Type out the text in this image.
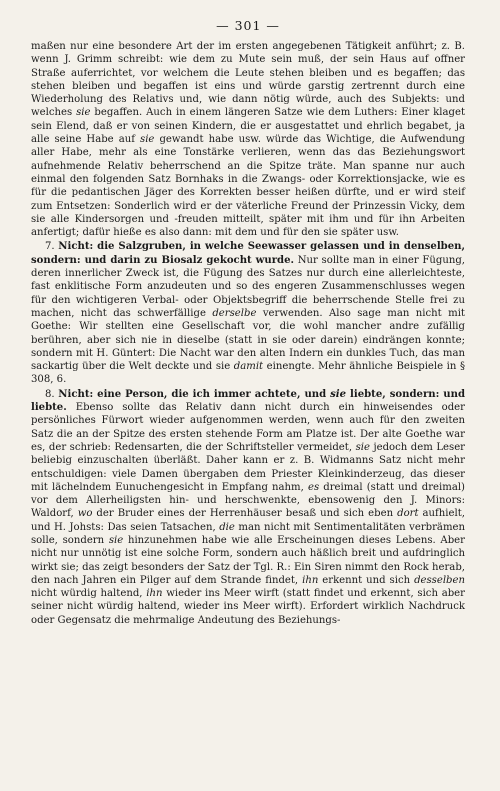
— 301 —

maßen nur eine besondere Art der im ersten angegebenen Tätigkeit anführt; z. B. wenn J. Grimm schreibt: wie dem zu Mute sein muß, der sein Haus auf offner Straße auferrichtet, vor welchem die Leute stehen bleiben und es begaffen; das stehen bleiben und begaffen ist eins und würde garstig zertrennt durch eine Wiederholung des Relativs und, wie dann nötig würde, auch des Subjekts: und welches sie begaffen. Auch in einem längeren Satze wie dem Luthers: Einer klaget sein Elend, daß er von seinen Kindern, die er ausgestattet und ehrlich begabet, ja alle seine Habe auf sie gewandt habe usw. würde das Wichtige, die Aufwendung aller Habe, mehr als eine Tonstärke verlieren, wenn das das Beziehungswort aufnehmende Relativ beherrschend an die Spitze träte. Man spanne nur auch einmal den folgenden Satz Bornhaks in die Zwangs- oder Korrektionsjacke, wie es für die pedantischen Jäger des Korrekten besser heißen dürfte, und er wird steif zum Entsetzen: Sonderlich wird er der väterliche Freund der Prinzessin Vicky, dem sie alle Kindersorgen und -freuden mitteilt, später mit ihm und für ihn Arbeiten anfertigt; dafür hieße es also dann: mit dem und für den sie später usw.

7. Nicht: die Salzgruben, in welche Seewasser gelassen und in denselben, sondern: und darin zu Biosalz gekocht wurde. Nur sollte man in einer Fügung, deren innerlicher Zweck ist, die Fügung des Satzes nur durch eine allerleichteste, fast enklitische Form anzudeuten und so des engeren Zusammenschlusses wegen für den wichtigeren Verbal- oder Objektsbegriff die beherrschende Stelle frei zu machen, nicht das schwerfällige derselbe verwenden. Also sage man nicht mit Goethe: Wir stellten eine Gesellschaft vor, die wohl mancher andre zufällig berühren, aber sich nie in dieselbe (statt in sie oder darein) eindrängen konnte; sondern mit H. Güntert: Die Nacht war den alten Indern ein dunkles Tuch, das man sackartig über die Welt deckte und sie damit einengte. Mehr ähnliche Beispiele in § 308, 6.

8. Nicht: eine Person, die ich immer achtete, und sie liebte, sondern: und liebte. Ebenso sollte das Relativ dann nicht durch ein hinweisendes oder persönliches Fürwort wieder aufgenommen werden, wenn auch für den zweiten Satz die an der Spitze des ersten stehende Form am Platze ist. Der alte Goethe war es, der schrieb: Redensarten, die der Schriftsteller vermeidet, sie jedoch dem Leser beliebig einzuschalten überläßt. Daher kann er z. B. Widmanns Satz nicht mehr entschuldigen: viele Damen übergaben dem Priester Kleinkinderzeug, das dieser mit lächelndem Eunuchengesicht in Empfang nahm, es dreimal (statt und dreimal) vor dem Allerheiligsten hin- und herschwenkte, ebensowenig den J. Minors: Waldorf, wo der Bruder eines der Herrenhäuser besaß und sich eben dort aufhielt, und H. Johsts: Das seien Tatsachen, die man nicht mit Sentimentalitäten verbrämen solle, sondern sie hinzunehmen habe wie alle Erscheinungen dieses Lebens. Aber nicht nur unnötig ist eine solche Form, sondern auch häßlich breit und aufdringlich wirkt sie; das zeigt besonders der Satz der Tgl. R.: Ein Siren nimmt den Rock herab, den nach Jahren ein Pilger auf dem Strande findet, ihn erkennt und sich desselben nicht würdig haltend, ihn wieder ins Meer wirft (statt findet und erkennt, sich aber seiner nicht würdig haltend, wieder ins Meer wirft). Erfordert wirklich Nachdruck oder Gegensatz die mehrmalige Andeutung des Beziehungs-
